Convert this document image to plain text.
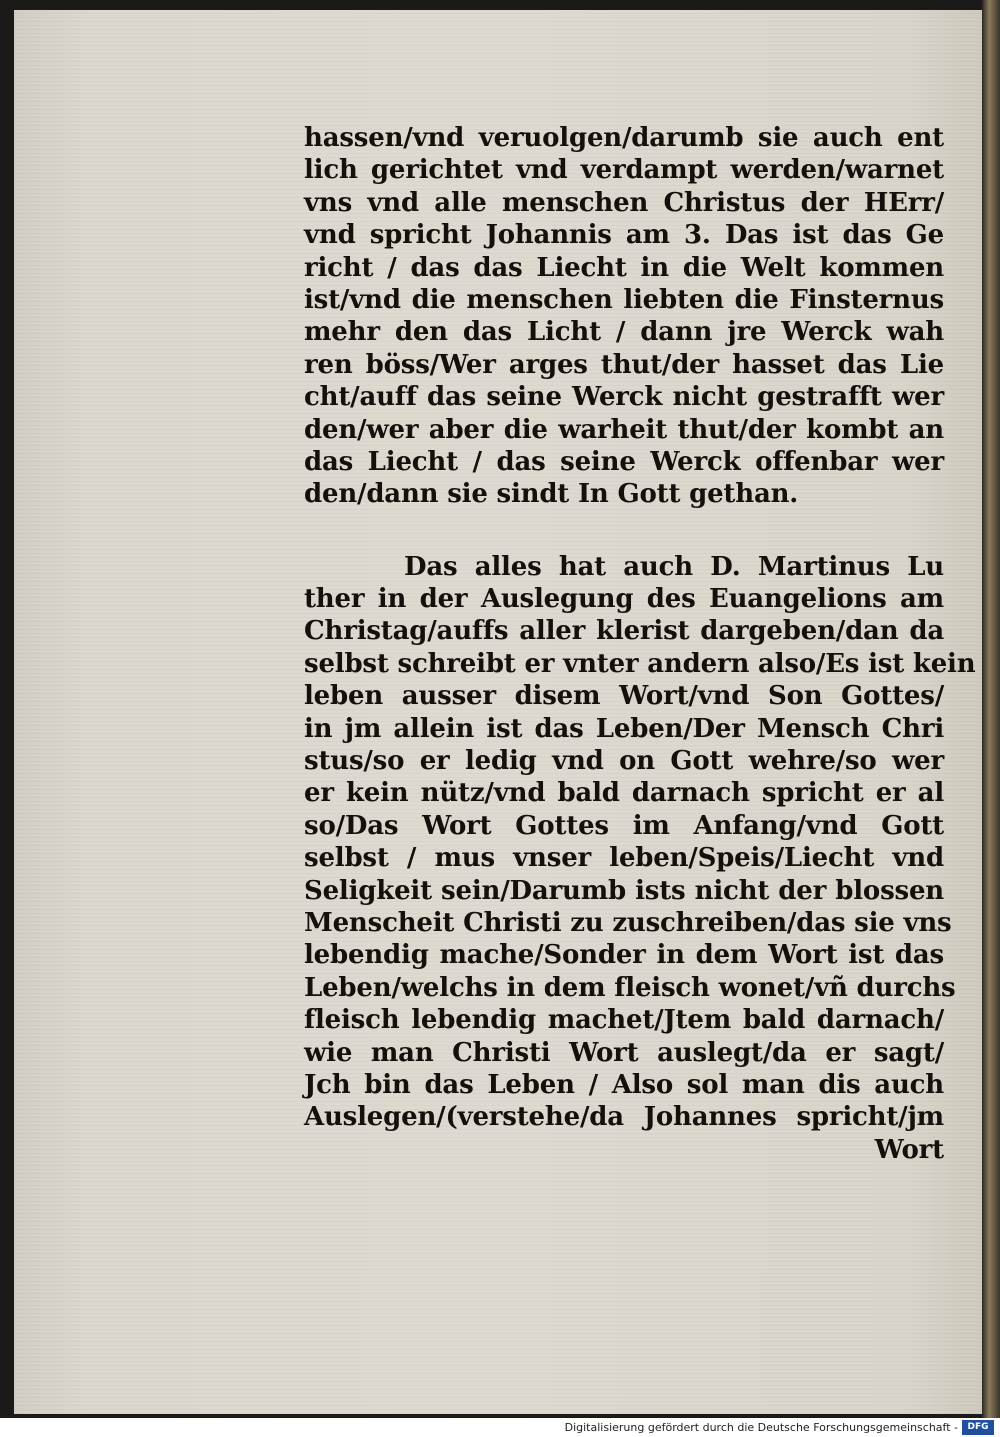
hassen/vnd veruolgen/darumb sie auch ent
lich gerichtet vnd verdampt werden/warnet
vns vnd alle menschen Christus der HErr/
vnd spricht Johannis am 3. Das ist das Ge
richt / das das Liecht in die Welt kommen
ist/vnd die menschen liebten die Finsternus
mehr den das Licht / dann jre Werck wah
ren böss/Wer arges thut/der hasset das Lie
cht/auff das seine Werck nicht gestrafft wer
den/wer aber die warheit thut/der kombt an
das Liecht / das seine Werck offenbar wer
den/dann sie sindt In Gott gethan.
Das alles hat auch D. Martinus Lu
ther in der Auslegung des Euangelions am
Christag/auffs aller klerist dargeben/dan da
selbst schreibt er vnter andern also/Es ist kein
leben ausser disem Wort/vnd Son Gottes/
in jm allein ist das Leben/Der Mensch Chri
stus/so er ledig vnd on Gott wehre/so wer
er kein nütz/vnd bald darnach spricht er al
so/Das Wort Gottes im Anfang/vnd Gott
selbst / mus vnser leben/Speis/Liecht vnd
Seligkeit sein/Darumb ists nicht der blossen
Menscheit Christi zu zuschreiben/das sie vns
lebendig mache/Sonder in dem Wort ist das
Leben/welchs in dem fleisch wonet/vñ durchs
fleisch lebendig machet/Jtem bald darnach/
wie man Christi Wort auslegt/da er sagt/
Jch bin das Leben / Also sol man dis auch
Auslegen/(verstehe/da Johannes spricht/jm
Wort
Digitalisierung gefördert durch die Deutsche Forschungsgemeinschaft -	DFG
